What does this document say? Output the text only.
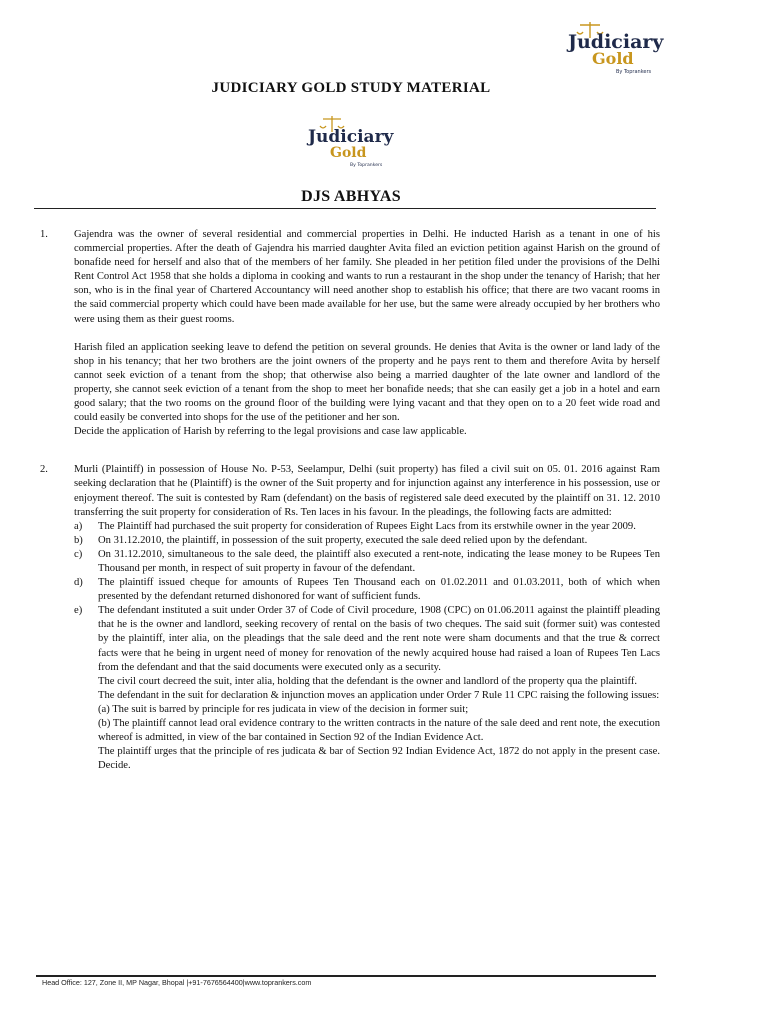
Judiciary
Gold
By Toprankers
JUDICIARY GOLD STUDY MATERIAL
Judiciary
Gold
By Toprankers
DJS ABHYAS
1.	Gajendra was the owner of several residential and commercial properties in Delhi. He inducted Harish as a tenant in one of his commercial properties. After the death of Gajendra his married daughter Avita filed an eviction petition against Harish on the ground of bonafide need for herself and also that of the members of her family. She pleaded in her petition filed under the provisions of the Delhi Rent Control Act 1958 that she holds a diploma in cooking and wants to run a restaurant in the shop under the tenancy of Harish; that her son, who is in the final year of Chartered Accountancy will need another shop to establish his office; that there are two vacant rooms in the said commercial property which could have been made available for her use, but the same were already occupied by her brothers who were using them as their guest rooms.

Harish filed an application seeking leave to defend the petition on several grounds. He denies that Avita is the owner or land lady of the shop in his tenancy; that her two brothers are the joint owners of the property and he pays rent to them and therefore Avita by herself cannot seek eviction of a tenant from the shop; that otherwise also being a married daughter of the late owner and landlord of the property, she cannot seek eviction of a tenant from the shop to meet her bonafide needs; that she can easily get a job in a hotel and earn good salary; that the two rooms on the ground floor of the building were lying vacant and that they open on to a 20 feet wide road and could easily be converted into shops for the use of the petitioner and her son.

Decide the application of Harish by referring to the legal provisions and case law applicable.

2.	Murli (Plaintiff) in possession of House No. P-53, Seelampur, Delhi (suit property) has filed a civil suit on 05. 01. 2016 against Ram seeking declaration that he (Plaintiff) is the owner of the Suit property and for injunction against any interference in his possession, use or enjoyment thereof. The suit is contested by Ram (defendant) on the basis of registered sale deed executed by the plaintiff on 31. 12. 2010 transferring the suit property for consideration of Rs. Ten laces in his favour. In the pleadings, the following facts are admitted:

a)	The Plaintiff had purchased the suit property for consideration of Rupees Eight Lacs from its erstwhile owner in the year 2009.
b)	On 31.12.2010, the plaintiff, in possession of the suit property, executed the sale deed relied upon by the defendant.
c)	On 31.12.2010, simultaneous to the sale deed, the plaintiff also executed a rent-note, indicating the lease money to be Rupees Ten Thousand per month, in respect of suit property in favour of the defendant.
d)	The plaintiff issued cheque for amounts of Rupees Ten Thousand each on 01.02.2011 and 01.03.2011, both of which when presented by the defendant returned dishonored for want of sufficient funds.
e)	The defendant instituted a suit under Order 37 of Code of Civil procedure, 1908 (CPC) on 01.06.2011 against the plaintiff pleading that he is the owner and landlord, seeking recovery of rental on the basis of two cheques. The said suit (former suit) was contested by the plaintiff, inter alia, on the pleadings that the sale deed and the rent note were sham documents and that the true & correct facts were that he being in urgent need of money for renovation of the newly acquired house had raised a loan of Rupees Ten Lacs from the defendant and that the said documents were executed only as a security.
The civil court decreed the suit, inter alia, holding that the defendant is the owner and landlord of the property qua the plaintiff.
The defendant in the suit for declaration & injunction moves an application under Order 7 Rule 11 CPC raising the following issues:
(a) The suit is barred by principle for res judicata in view of the decision in former suit;
(b) The plaintiff cannot lead oral evidence contrary to the written contracts in the nature of the sale deed and rent note, the execution whereof is admitted, in view of the bar contained in Section 92 of the Indian Evidence Act.
The plaintiff urges that the principle of res judicata & bar of Section 92 Indian Evidence Act, 1872 do not apply in the present case. Decide.
Head Office: 127, Zone II, MP Nagar, Bhopal |+91-7676564400|www.toprankers.com
